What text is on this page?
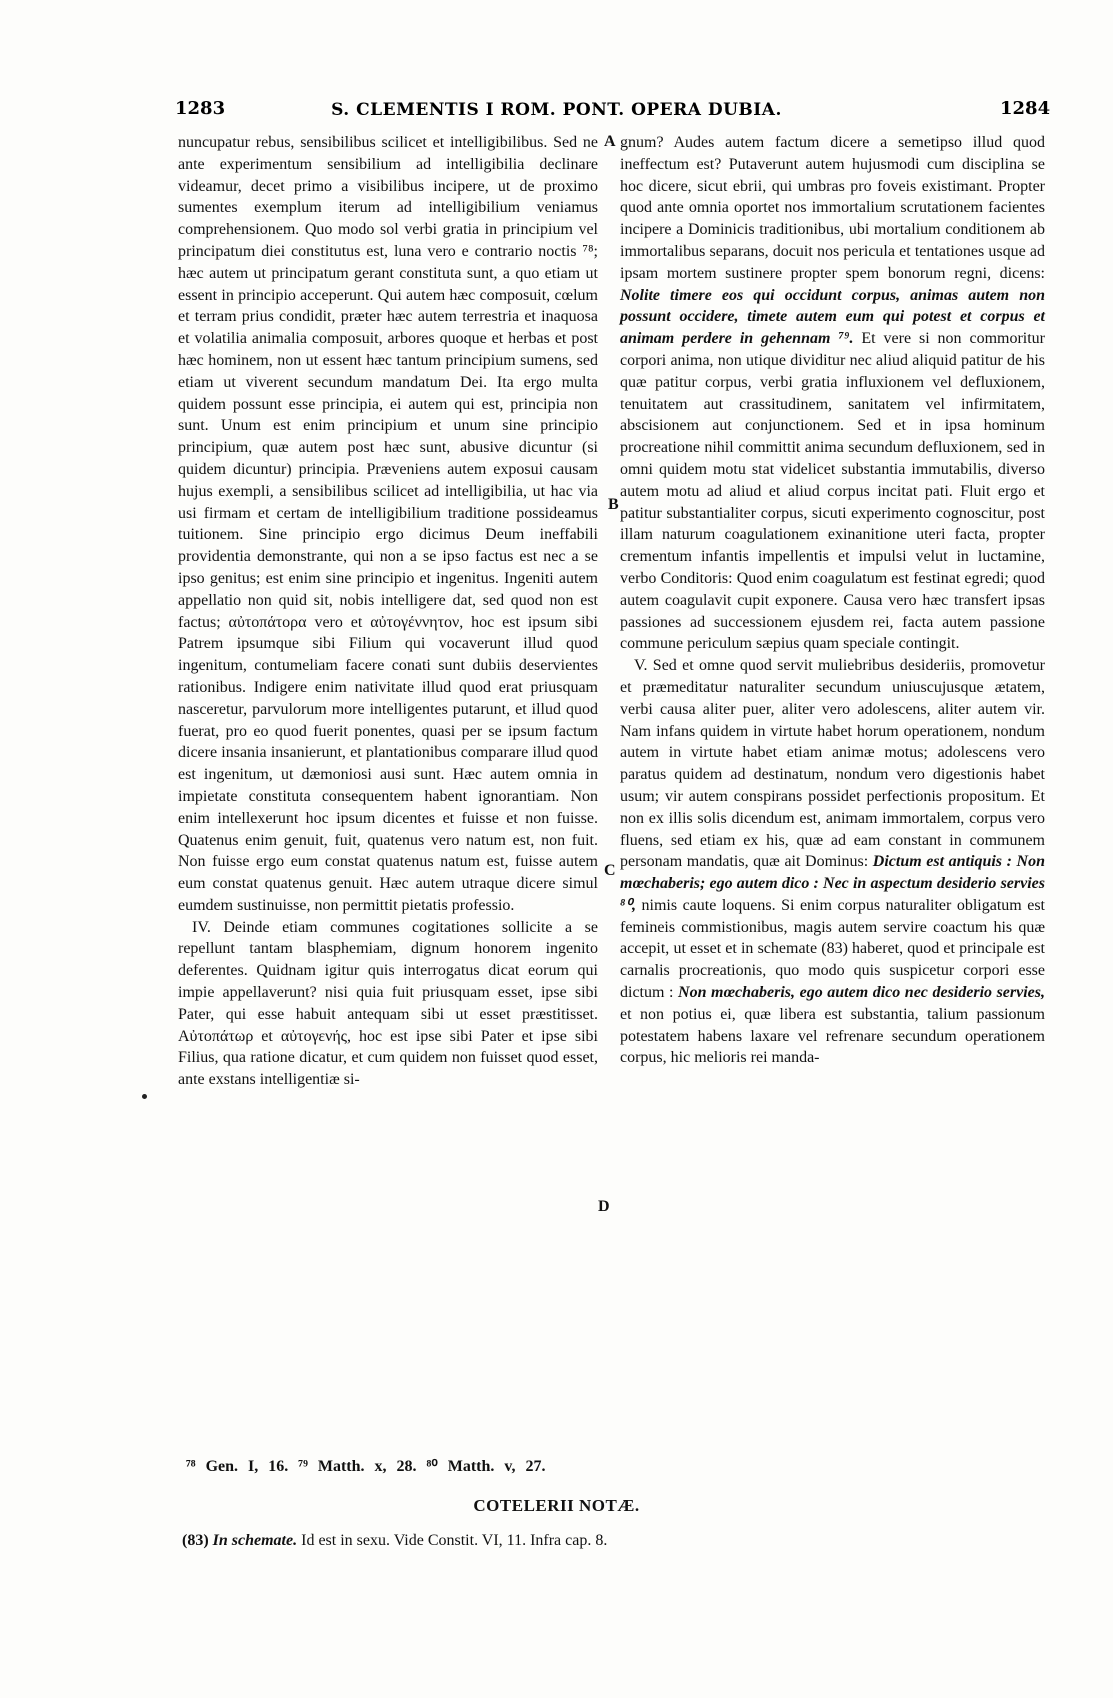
1283	S. CLEMENTIS I ROM. PONT. OPERA DUBIA.	1284

nuncupatur rebus, sensibilibus scilicet et intelligibilibus. Sed ne ante experimentum sensibilium ad intelligibilia declinare videamur, decet primo a visibilibus incipere, ut de proximo sumentes exemplum iterum ad intelligibilium veniamus comprehensionem. Quo modo sol verbi gratia in principium vel principatum diei constitutus est, luna vero e contrario noctis ⁷⁸; hæc autem ut principatum gerant constituta sunt, a quo etiam ut essent in principio acceperunt. Qui autem hæc composuit, cœlum et terram prius condidit, præter hæc autem terrestria et inaquosa et volatilia animalia composuit, arbores quoque et herbas et post hæc hominem, non ut essent hæc tantum principium sumens, sed etiam ut viverent secundum mandatum Dei. Ita ergo multa quidem possunt esse principia, ei autem qui est, principia non sunt. Unum est enim principium et unum sine principio principium, quæ autem post hæc sunt, abusive dicuntur (si quidem dicuntur) principia. Præveniens autem exposui causam hujus exempli, a sensibilibus scilicet ad intelligibilia, ut hac via usi firmam et certam de intelligibilium traditione possideamus tuitionem. Sine principio ergo dicimus Deum ineffabili providentia demonstrante, qui non a se ipso factus est nec a se ipso genitus; est enim sine principio et ingenitus. Ingeniti autem appellatio non quid sit, nobis intelligere dat, sed quod non est factus; αὐτοπάτορα vero et αὐτογέννητον, hoc est ipsum sibi Patrem ipsumque sibi Filium qui vocaverunt illud quod ingenitum, contumeliam facere conati sunt dubiis deservientes rationibus. Indigere enim nativitate illud quod erat priusquam nasceretur, parvulorum more intelligentes putarunt, et illud quod fuerat, pro eo quod fuerit ponentes, quasi per se ipsum factum dicere insania insanierunt, et plantationibus comparare illud quod est ingenitum, ut dæmoniosi ausi sunt. Hæc autem omnia in impietate constituta consequentem habent ignorantiam. Non enim intellexerunt hoc ipsum dicentes et fuisse et non fuisse. Quatenus enim genuit, fuit, quatenus vero natum est, non fuit. Non fuisse ergo eum constat quatenus natum est, fuisse autem eum constat quatenus genuit. Hæc autem utraque dicere simul eumdem sustinuisse, non permittit pietatis professio.

IV. Deinde etiam communes cogitationes sollicite a se repellunt tantam blasphemiam, dignum honorem ingenito deferentes. Quidnam igitur quis interrogatus dicat eorum qui impie appellaverunt? nisi quia fuit priusquam esset, ipse sibi Pater, qui esse habuit antequam sibi ut esset præstitisset. Αὐτοπάτωρ et αὐτογενής, hoc est ipse sibi Pater et ipse sibi Filius, qua ratione dicatur, et cum quidem non fuisset quod esset, ante exstans intelligentiæ si-

A
B
C
D

gnum? Audes autem factum dicere a semetipso illud quod ineffectum est? Putaverunt autem hujusmodi cum disciplina se hoc dicere, sicut ebrii, qui umbras pro foveis existimant. Propter quod ante omnia oportet nos immortalium scrutationem facientes incipere a Dominicis traditionibus, ubi mortalium conditionem ab immortalibus separans, docuit nos pericula et tentationes usque ad ipsam mortem sustinere propter spem bonorum regni, dicens: Nolite timere eos qui occidunt corpus, animas autem non possunt occidere, timete autem eum qui potest et corpus et animam perdere in gehennam ⁷⁹. Et vere si non commoritur corpori anima, non utique dividitur nec aliud aliquid patitur de his quæ patitur corpus, verbi gratia influxionem vel defluxionem, tenuitatem aut crassitudinem, sanitatem vel infirmitatem, abscisionem aut conjunctionem. Sed et in ipsa hominum procreatione nihil committit anima secundum defluxionem, sed in omni quidem motu stat videlicet substantia immutabilis, diverso autem motu ad aliud et aliud corpus incitat pati. Fluit ergo et patitur substantialiter corpus, sicuti experimento cognoscitur, post illam naturum coagulationem exinanitione uteri facta, propter crementum infantis impellentis et impulsi velut in luctamine, verbo Conditoris: Quod enim coagulatum est festinat egredi; quod autem coagulavit cupit exponere. Causa vero hæc transfert ipsas passiones ad successionem ejusdem rei, facta autem passione commune periculum sæpius quam speciale contingit.

V. Sed et omne quod servit muliebribus desideriis, promovetur et præmeditatur naturaliter secundum uniuscujusque ætatem, verbi causa aliter puer, aliter vero adolescens, aliter autem vir. Nam infans quidem in virtute habet horum operationem, nondum autem in virtute habet etiam animæ motus; adolescens vero paratus quidem ad destinatum, nondum vero digestionis habet usum; vir autem conspirans possidet perfectionis propositum. Et non ex illis solis dicendum est, animam immortalem, corpus vero fluens, sed etiam ex his, quæ ad eam constant in communem personam mandatis, quæ ait Dominus: Dictum est antiquis : Non mœchaberis; ego autem dico : Nec in aspectum desiderio servies ⁸⁰, nimis caute loquens. Si enim corpus naturaliter obligatum est femineis commistionibus, magis autem servire coactum his quæ accepit, ut esset et in schemate (83) haberet, quod et principale est carnalis procreationis, quo modo quis suspicetur corpori esse dictum : Non mœchaberis, ego autem dico nec desiderio servies, et non potius ei, quæ libera est substantia, talium passionum potestatem habens laxare vel refrenare secundum operationem corpus, hic melioris rei manda-

⁷⁸ Gen. I, 16. ⁷⁹ Matth. x, 28. ⁸⁰ Matth. v, 27.
COTELERII NOTÆ.
(83) In schemate. Id est in sexu. Vide Constit. VI, 11. Infra cap. 8.
